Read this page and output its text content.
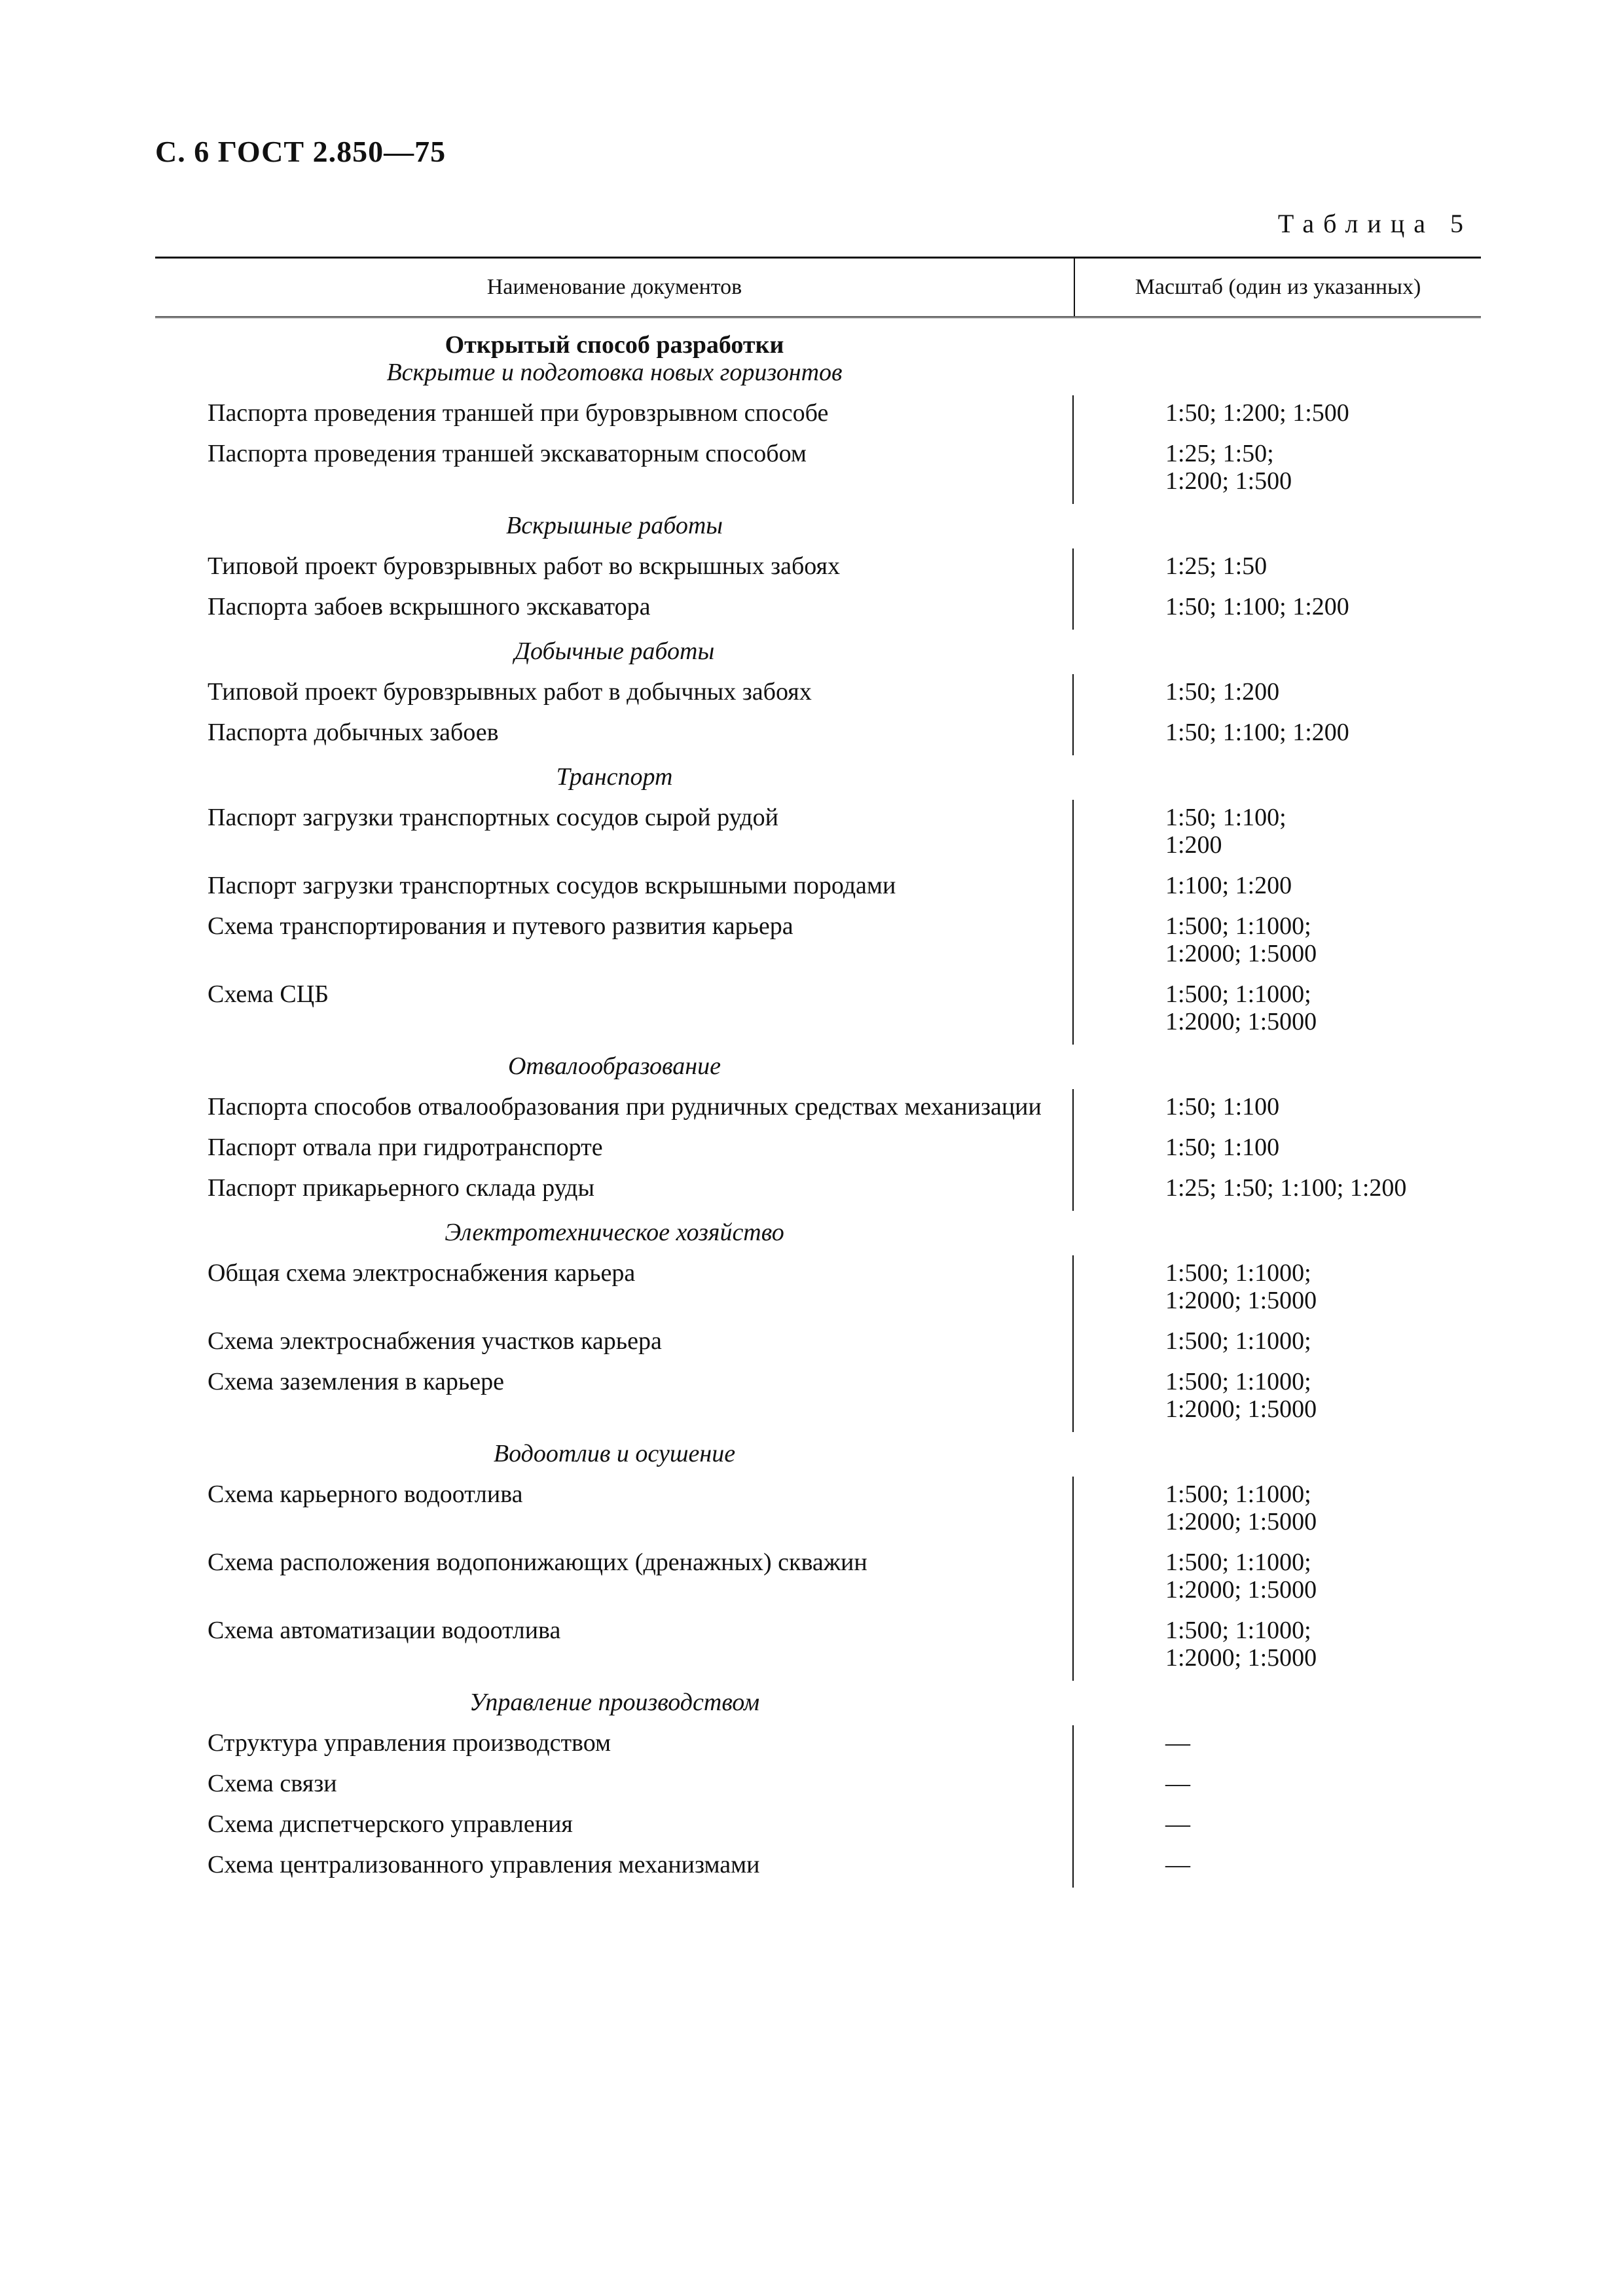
С. 6 ГОСТ 2.850—75
Таблица 5
Наименование документов	Масштаб (один из указанных)
Открытый способ разработки
Вскрытие и подготовка новых горизонтов
Паспорта проведения траншей при буровзрывном способе	1:50; 1:200; 1:500
Паспорта проведения траншей экскаваторным способом	1:25; 1:50;
1:200; 1:500
Вскрышные работы
Типовой проект буровзрывных работ во вскрышных забоях	1:25; 1:50
Паспорта забоев вскрышного экскаватора	1:50; 1:100; 1:200
Добычные работы
Типовой проект буровзрывных работ в добычных забоях	1:50; 1:200
Паспорта добычных забоев	1:50; 1:100; 1:200
Транспорт
Паспорт загрузки транспортных сосудов сырой рудой	1:50; 1:100;
1:200
Паспорт загрузки транспортных сосудов вскрышными породами	1:100; 1:200
Схема транспортирования и путевого развития карьера	1:500; 1:1000;
1:2000; 1:5000
Схема СЦБ	1:500; 1:1000;
1:2000; 1:5000
Отвалообразование
Паспорта способов отвалообразования при рудничных средствах механизации	1:50; 1:100
Паспорт отвала при гидротранспорте	1:50; 1:100
Паспорт прикарьерного склада руды	1:25; 1:50; 1:100; 1:200
Электротехническое хозяйство
Общая схема электроснабжения карьера	1:500; 1:1000;
1:2000; 1:5000
Схема электроснабжения участков карьера	1:500; 1:1000;
Схема заземления в карьере	1:500; 1:1000;
1:2000; 1:5000
Водоотлив и осушение
Схема карьерного водоотлива	1:500; 1:1000;
1:2000; 1:5000
Схема расположения водопонижающих (дренажных) скважин	1:500; 1:1000;
1:2000; 1:5000
Схема автоматизации водоотлива	1:500; 1:1000;
1:2000; 1:5000
Управление производством
Структура управления производством	—
Схема связи	—
Схема диспетчерского управления	—
Схема централизованного управления механизмами	—
